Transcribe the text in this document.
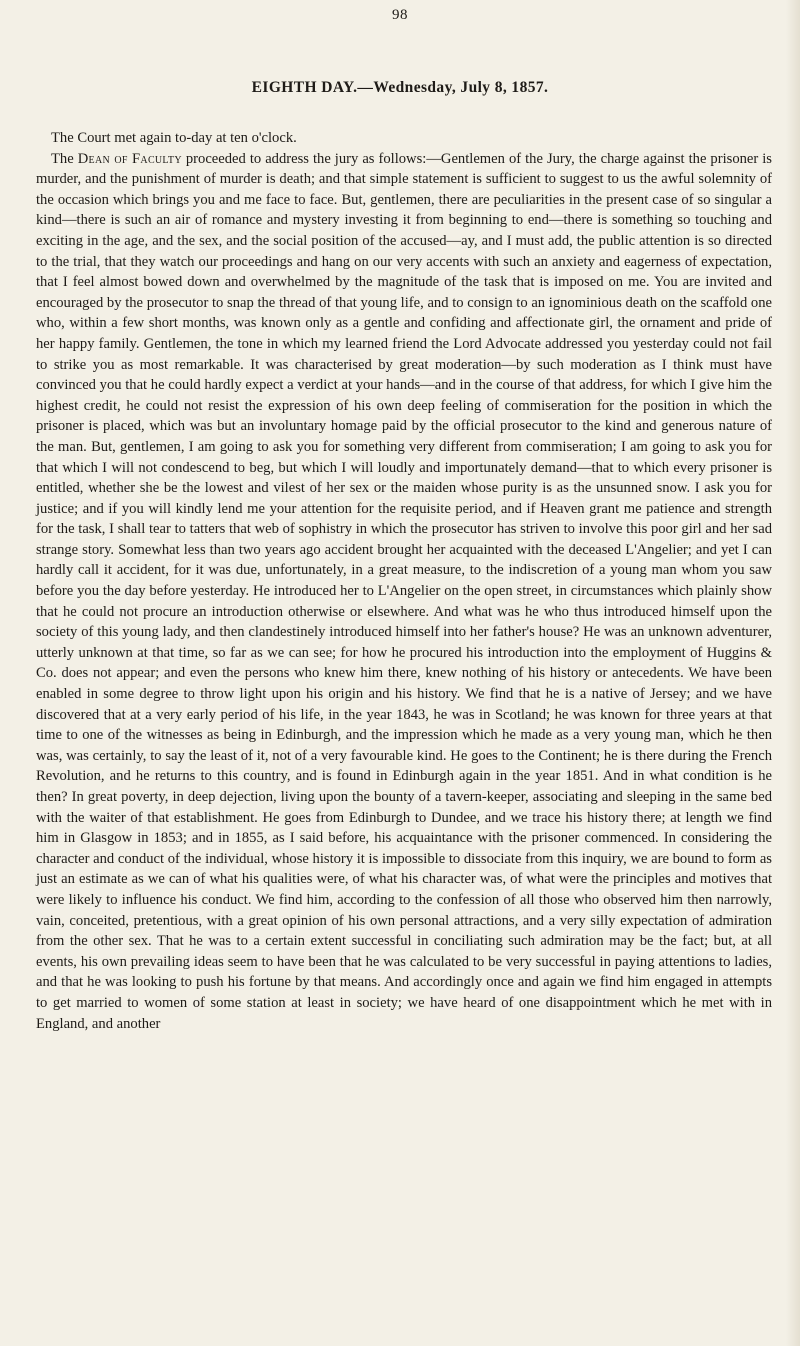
98
EIGHTH DAY.—Wednesday, July 8, 1857.

The Court met again to-day at ten o'clock.

The Dean of Faculty proceeded to address the jury as follows:—Gentlemen of the Jury, the charge against the prisoner is murder, and the punishment of murder is death; and that simple statement is sufficient to suggest to us the awful solemnity of the occasion which brings you and me face to face. But, gentlemen, there are peculiarities in the present case of so singular a kind—there is such an air of romance and mystery investing it from beginning to end—there is something so touching and exciting in the age, and the sex, and the social position of the accused—ay, and I must add, the public attention is so directed to the trial, that they watch our proceedings and hang on our very accents with such an anxiety and eagerness of expectation, that I feel almost bowed down and overwhelmed by the magnitude of the task that is imposed on me. You are invited and encouraged by the prosecutor to snap the thread of that young life, and to consign to an ignominious death on the scaffold one who, within a few short months, was known only as a gentle and confiding and affectionate girl, the ornament and pride of her happy family. Gentlemen, the tone in which my learned friend the Lord Advocate addressed you yesterday could not fail to strike you as most remarkable. It was characterised by great moderation—by such moderation as I think must have convinced you that he could hardly expect a verdict at your hands—and in the course of that address, for which I give him the highest credit, he could not resist the expression of his own deep feeling of commiseration for the position in which the prisoner is placed, which was but an involuntary homage paid by the official prosecutor to the kind and generous nature of the man. But, gentlemen, I am going to ask you for something very different from commiseration; I am going to ask you for that which I will not condescend to beg, but which I will loudly and importunately demand—that to which every prisoner is entitled, whether she be the lowest and vilest of her sex or the maiden whose purity is as the unsunned snow. I ask you for justice; and if you will kindly lend me your attention for the requisite period, and if Heaven grant me patience and strength for the task, I shall tear to tatters that web of sophistry in which the prosecutor has striven to involve this poor girl and her sad strange story. Somewhat less than two years ago accident brought her acquainted with the deceased L'Angelier; and yet I can hardly call it accident, for it was due, unfortunately, in a great measure, to the indiscretion of a young man whom you saw before you the day before yesterday. He introduced her to L'Angelier on the open street, in circumstances which plainly show that he could not procure an introduction otherwise or elsewhere. And what was he who thus introduced himself upon the society of this young lady, and then clandestinely introduced himself into her father's house? He was an unknown adventurer, utterly unknown at that time, so far as we can see; for how he procured his introduction into the employment of Huggins & Co. does not appear; and even the persons who knew him there, knew nothing of his history or antecedents. We have been enabled in some degree to throw light upon his origin and his history. We find that he is a native of Jersey; and we have discovered that at a very early period of his life, in the year 1843, he was in Scotland; he was known for three years at that time to one of the witnesses as being in Edinburgh, and the impression which he made as a very young man, which he then was, was certainly, to say the least of it, not of a very favourable kind. He goes to the Continent; he is there during the French Revolution, and he returns to this country, and is found in Edinburgh again in the year 1851. And in what condition is he then? In great poverty, in deep dejection, living upon the bounty of a tavern-keeper, associating and sleeping in the same bed with the waiter of that establishment. He goes from Edinburgh to Dundee, and we trace his history there; at length we find him in Glasgow in 1853; and in 1855, as I said before, his acquaintance with the prisoner commenced. In considering the character and conduct of the individual, whose history it is impossible to dissociate from this inquiry, we are bound to form as just an estimate as we can of what his qualities were, of what his character was, of what were the principles and motives that were likely to influence his conduct. We find him, according to the confession of all those who observed him then narrowly, vain, conceited, pretentious, with a great opinion of his own personal attractions, and a very silly expectation of admiration from the other sex. That he was to a certain extent successful in conciliating such admiration may be the fact; but, at all events, his own prevailing ideas seem to have been that he was calculated to be very successful in paying attentions to ladies, and that he was looking to push his fortune by that means. And accordingly once and again we find him engaged in attempts to get married to women of some station at least in society; we have heard of one disappointment which he met with in England, and another
